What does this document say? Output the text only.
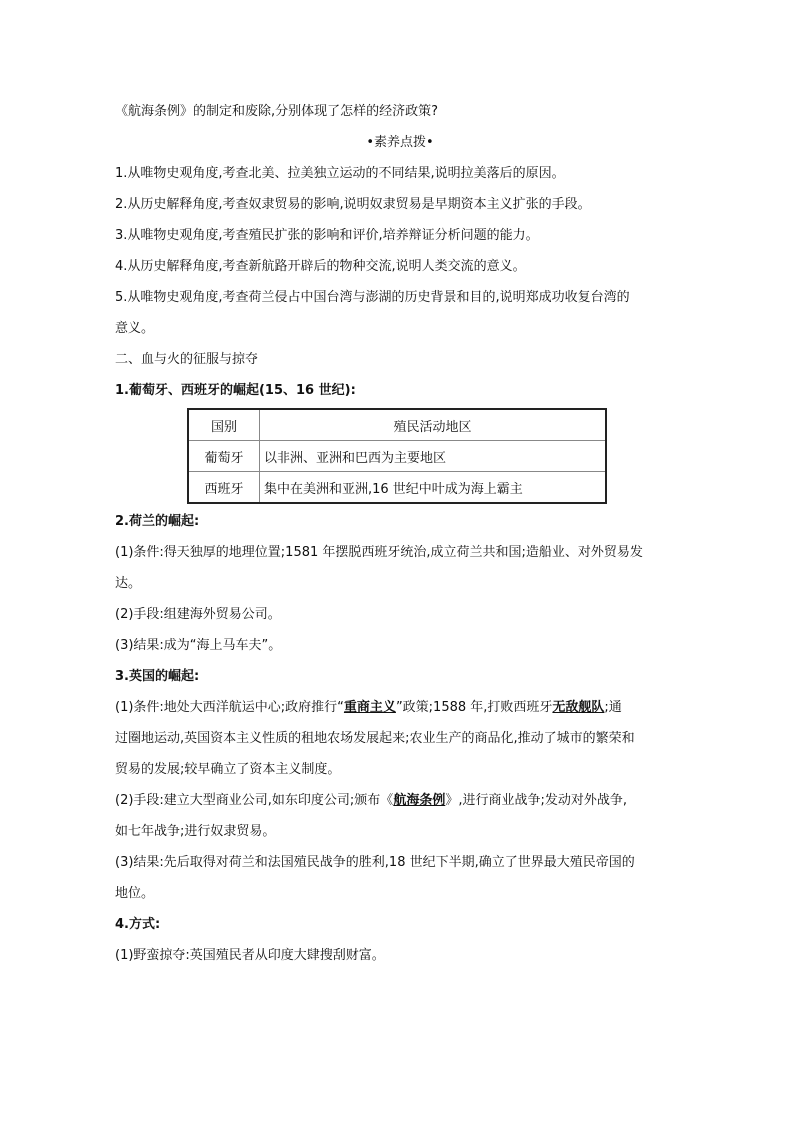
《航海条例》的制定和废除,分别体现了怎样的经济政策?
•素养点拨•
1.从唯物史观角度,考查北美、拉美独立运动的不同结果,说明拉美落后的原因。
2.从历史解释角度,考查奴隶贸易的影响,说明奴隶贸易是早期资本主义扩张的手段。
3.从唯物史观角度,考查殖民扩张的影响和评价,培养辩证分析问题的能力。
4.从历史解释角度,考查新航路开辟后的物种交流,说明人类交流的意义。
5.从唯物史观角度,考查荷兰侵占中国台湾与澎湖的历史背景和目的,说明郑成功收复台湾的
意义。
二、血与火的征服与掠夺
1.葡萄牙、西班牙的崛起(15、16 世纪):
国别	殖民活动地区
葡萄牙	以非洲、亚洲和巴西为主要地区
西班牙	集中在美洲和亚洲,16 世纪中叶成为海上霸主
2.荷兰的崛起:
(1)条件:得天独厚的地理位置;1581 年摆脱西班牙统治,成立荷兰共和国;造船业、对外贸易发
达。
(2)手段:组建海外贸易公司。
(3)结果:成为“海上马车夫”。
3.英国的崛起:
(1)条件:地处大西洋航运中心;政府推行“重商主义”政策;1588 年,打败西班牙无敌舰队;通
过圈地运动,英国资本主义性质的租地农场发展起来;农业生产的商品化,推动了城市的繁荣和
贸易的发展;较早确立了资本主义制度。
(2)手段:建立大型商业公司,如东印度公司;颁布《航海条例》,进行商业战争;发动对外战争,
如七年战争;进行奴隶贸易。
(3)结果:先后取得对荷兰和法国殖民战争的胜利,18 世纪下半期,确立了世界最大殖民帝国的
地位。
4.方式:
(1)野蛮掠夺:英国殖民者从印度大肆搜刮财富。
